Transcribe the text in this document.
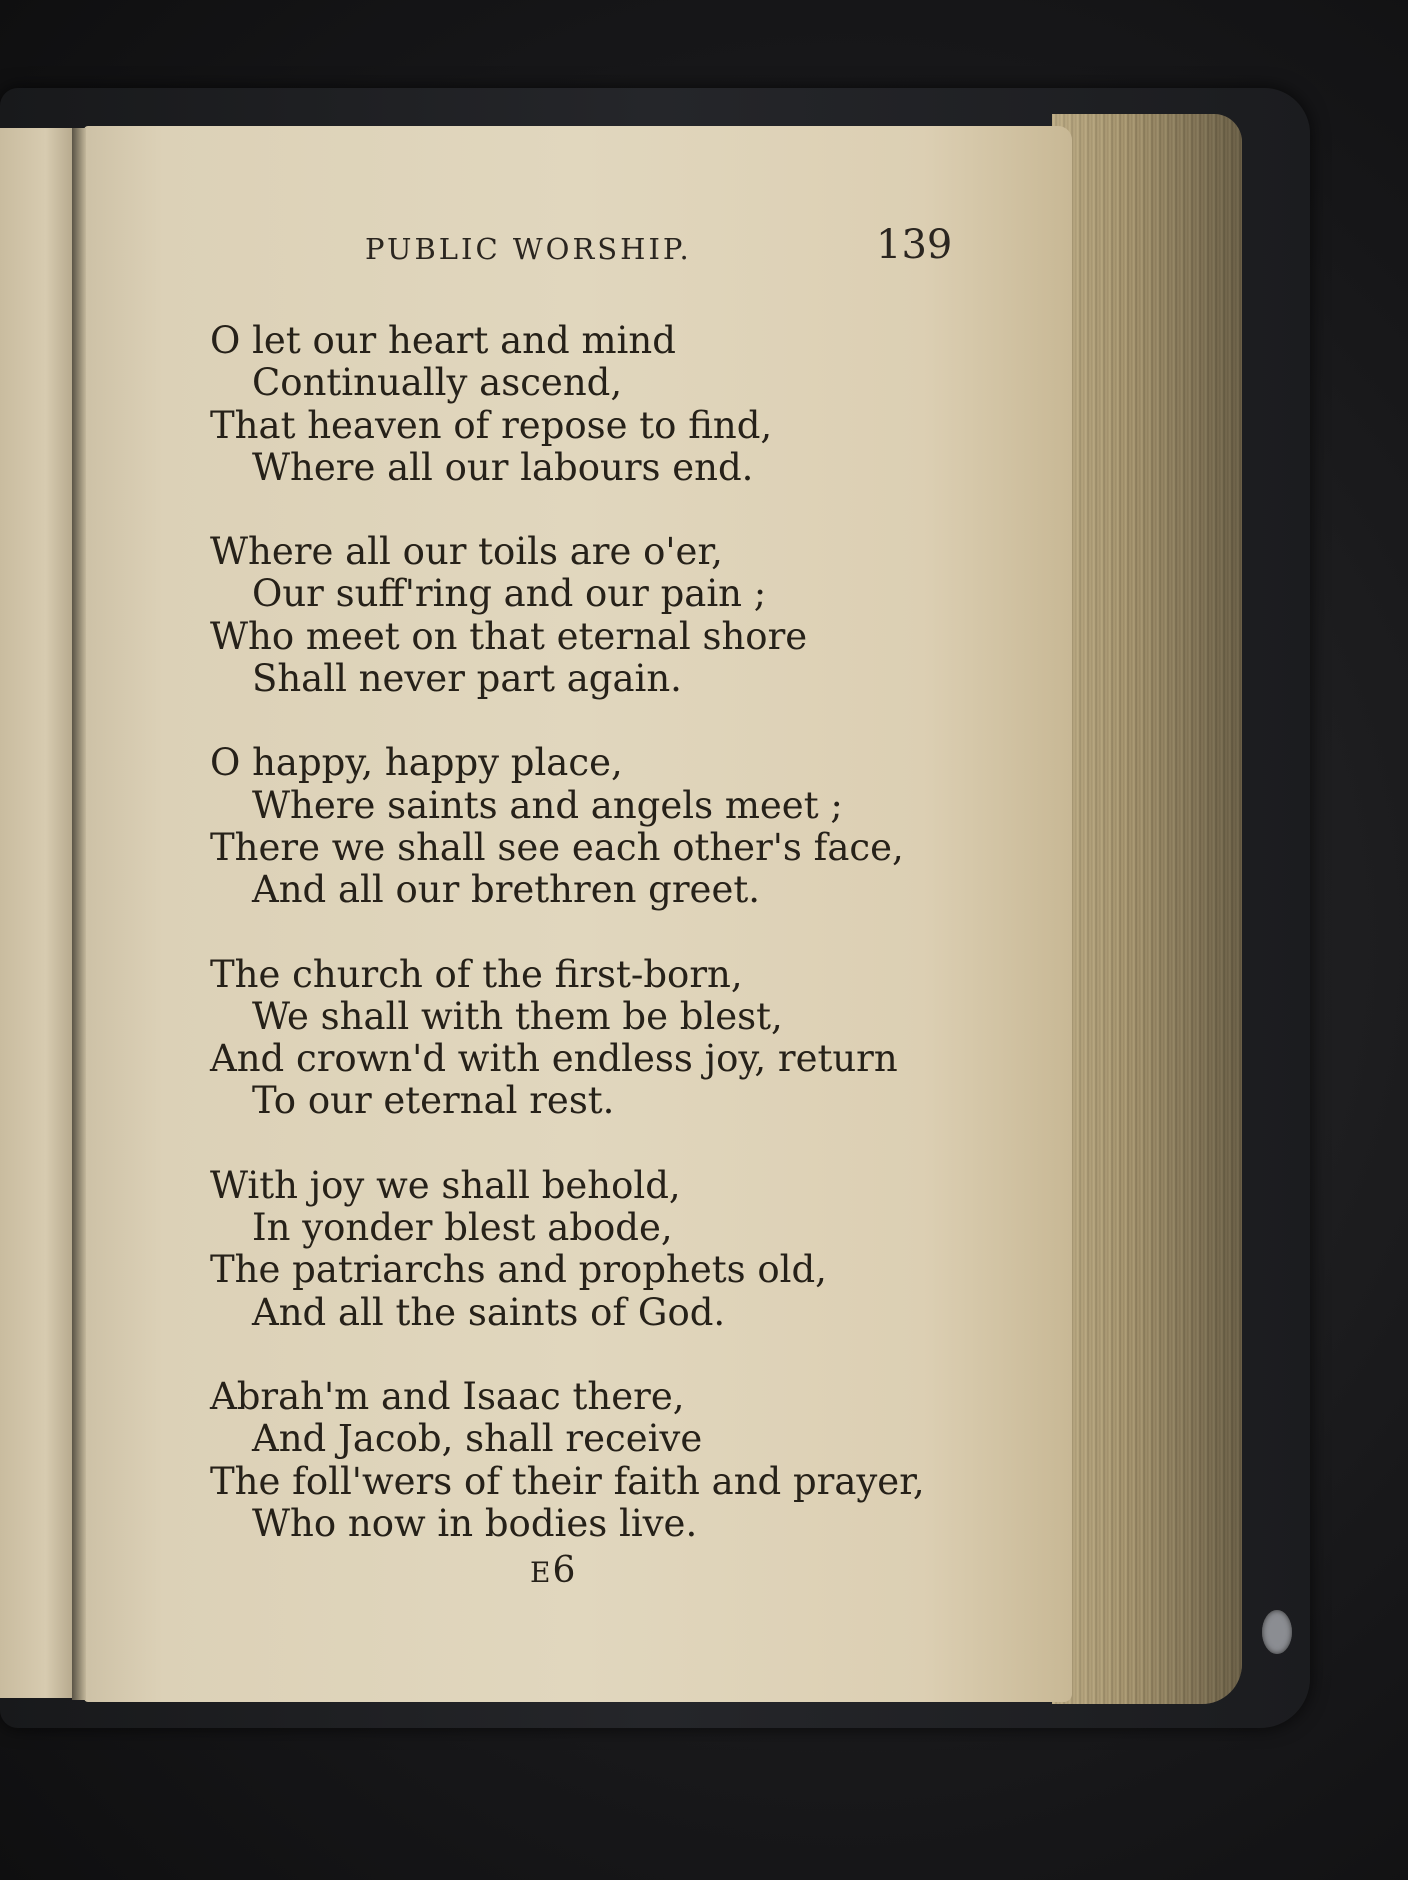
PUBLIC WORSHIP.	139
O let our heart and mind
Continually ascend,
That heaven of repose to find,
Where all our labours end.
Where all our toils are o'er,
Our suff'ring and our pain ;
Who meet on that eternal shore
Shall never part again.
O happy, happy place,
Where saints and angels meet ;
There we shall see each other's face,
And all our brethren greet.
The church of the first-born,
We shall with them be blest,
And crown'd with endless joy, return
To our eternal rest.
With joy we shall behold,
In yonder blest abode,
The patriarchs and prophets old,
And all the saints of God.
Abrah'm and Isaac there,
And Jacob, shall receive
The foll'wers of their faith and prayer,
Who now in bodies live.
E6
